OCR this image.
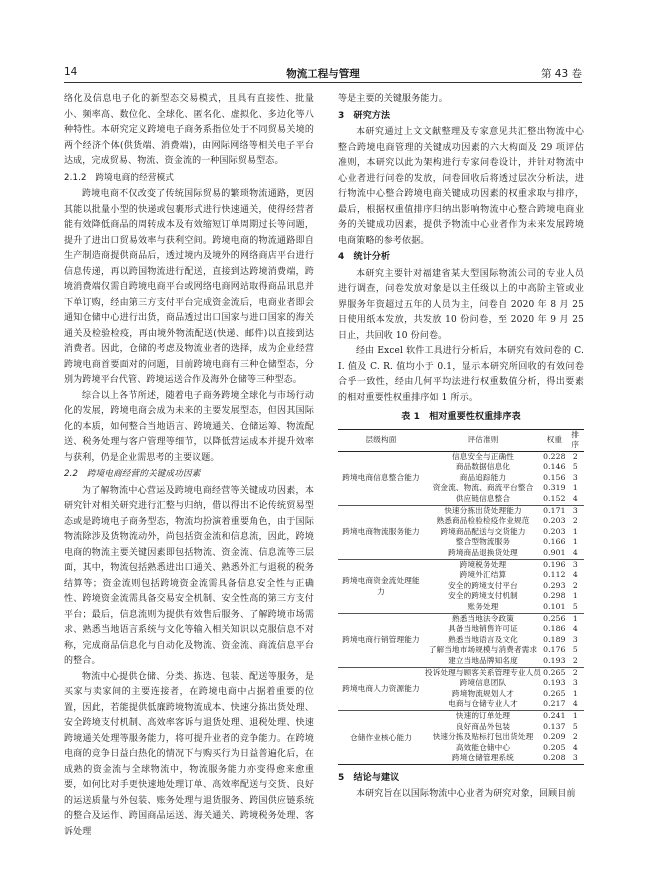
14	物流工程与管理	第 43 卷

络化及信息电子化的新型态交易模式，且具有直接性、批量小、频率高、数位化、全球化、匿名化、虚拟化、多边化等八种特性。本研究定义跨境电子商务系指位处于不同贸易关境的两个经济个体(供货端、消费端)，由网际网络等相关电子平台达成，完成贸易、物流、资金流的一种国际贸易型态。

2.1.2　跨境电商的经营模式

跨境电商不仅改变了传统国际贸易的繁琐物流通路，更因其能以批量小型的快递或包裹形式进行快速通关，使得经营者能有效降低商品的周转成本及有效缩短订单周期过长等问题，提升了进出口贸易效率与获利空间。跨境电商的物流通路即自生产制造商提供商品后，透过境内及境外的网络商店平台进行信息传递，再以跨国物流进行配送，直接到达跨境消费端，跨境消费端仅需自跨境电商平台或网络电商网站取得商品讯息并下单订购，经由第三方支付平台完成资金流后，电商业者即会通知仓储中心进行出货，商品透过出口国家与进口国家的海关通关及检验检疫，再由境外物流配送(快递、邮件)以直接到达消费者。因此，仓储的考虑及物流业者的选择，成为企业经营跨境电商首要面对的问题，目前跨境电商有三种仓储型态，分别为跨境平台代管、跨境运送合作及海外仓储等三种型态。

综合以上各节所述，随着电子商务跨境全球化与市场行动化的发展，跨境电商会成为未来的主要发展型态，但因其国际化的本质，如何整合当地语言、跨境通关、仓储运筹、物流配送、税务处理与客户管理等细节，以降低营运成本并提升效率与获利，仍是企业需思考的主要议题。

2.2　跨境电商经营的关键成功因素

为了解物流中心营运及跨境电商经营等关键成功因素，本研究针对相关研究进行汇整与归纳，借以得出不论传统贸易型态或是跨境电子商务型态，物流均扮演着重要角色，由于国际物流除涉及货物流动外，尚包括资金流和信息流，因此，跨境电商的物流主要关键因素即包括物流、资金流、信息流等三层面，其中，物流包括熟悉进出口通关、熟悉外汇与退税的税务结算等；资金流则包括跨境资金流需具备信息安全性与正确性、跨境资金流需具备交易安全机制、安全性高的第三方支付平台；最后，信息流则为提供有效售后服务、了解跨境市场需求、熟悉当地语言系统与文化等输入相关知识以克服信息不对称，完成商品信息化与自动化及物流、资金流、商流信息平台的整合。

物流中心提供仓储、分类、拣选、包装、配送等服务，是买家与卖家间的主要连接者，在跨境电商中占据着重要的位置，因此，若能提供低廉跨境物流成本、快速分拣出货处理、安全跨境支付机制、高效率客诉与退货处理、退税处理、快速跨境通关处理等服务能力，将可提升业者的竞争能力。在跨境电商的竞争日益白热化的情况下与购买行为日益普遍化后，在成熟的资金流与全球物流中，物流服务能力亦变得愈来愈重要，如何比对手更快速地处理订单、高效率配送与交货、良好的运送质量与外包装、账务处理与退货服务、跨国供应链系统的整合及运作、跨国商品运送、海关通关、跨境税务处理、客诉处理

等是主要的关键服务能力。

3　研究方法

本研究通过上文文献整理及专家意见共汇整出物流中心整合跨境电商管理的关键成功因素的六大构面及 29 项评估准则，本研究以此为架构进行专家问卷设计，并针对物流中心业者进行问卷的发放，问卷回收后将透过层次分析法，进行物流中心整合跨境电商关键成功因素的权重求取与排序，最后，根据权重值排序归纳出影响物流中心整合跨境电商业务的关键成功因素，提供予物流中心业者作为未来发展跨境电商策略的参考依据。

4　统计分析

本研究主要针对福建省某大型国际物流公司的专业人员进行调查，问卷发放对象是以主任级以上的中高阶主管或业界服务年资超过五年的人员为主，问卷自 2020 年 8 月 25 日使用纸本发放，共发放 10 份问卷，至 2020 年 9 月 25 日止，共回收 10 份问卷。

经由 Excel 软件工具进行分析后，本研究有效问卷的 C. I. 值及 C. R. 值均小于 0.1，显示本研究所回收的有效问卷合乎一致性，经由几何平均法进行权重数值分析，得出要素的相对重要性权重排序如 1 所示。

表 1　相对重要性权重排序表
层级构面	评估准则	权重	排序
跨境电商信息整合能力	信息安全与正确性	0.228	2
	商品数据信息化	0.146	5
	商品追踪能力	0.156	3
	资金流、物流、商流平台整合	0.319	1
	供应链信息整合	0.152	4
跨境电商物流服务能力	快速分拣出货处理能力	0.171	3
	熟悉商品检验检疫作业规范	0.203	2
	跨境商品配送与交货能力	0.203	1
	整合型物流服务	0.166	1
	跨境商品退换货处理	0.901	4
跨境电商资金流处理能力	跨境税务处理	0.196	3
	跨境外汇结算	0.112	4
	安全的跨境支付平台	0.293	2
	安全的跨境支付机制	0.298	1
	账务处理	0.101	5
跨境电商行销管理能力	熟悉当地法令政策	0.256	1
	具备当地销售许可证	0.186	4
	熟悉当地语言及文化	0.189	3
	了解当地市场规模与消费者需求	0.176	5
	建立当地品牌知名度	0.193	2
跨境电商人力资源能力	投诉处理与顾客关系管理专业人员	0.265	2
	跨境信息团队	0.193	3
	跨境物流规划人才	0.265	1
	电商与仓储专业人才	0.217	4
仓储作业核心能力	快速的订单处理	0.241	1
	良好商品外包装	0.137	5
	快速分拣及贴标打包出货处理	0.209	2
	高效能仓储中心	0.205	4
	跨境仓储管理系统	0.208	3
5　结论与建议

本研究旨在以国际物流中心业者为研究对象，回顾目前
